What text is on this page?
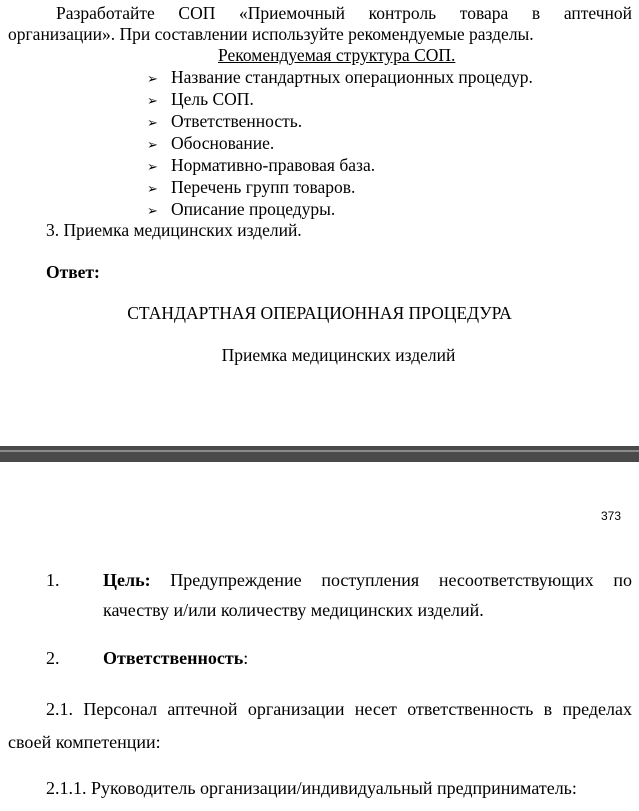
Разработайте СОП «Приемочный контроль товара в аптечной
организации». При составлении используйте рекомендуемые разделы.
Рекомендуемая структура СОП.
➢ Название стандартных операционных процедур.
➢ Цель СОП.
➢ Ответственность.
➢ Обоснование.
➢ Нормативно-правовая база.
➢ Перечень групп товаров.
➢ Описание процедуры.
3. Приемка медицинских изделий.
Ответ:
СТАНДАРТНАЯ ОПЕРАЦИОННАЯ ПРОЦЕДУРА
Приемка медицинских изделий
373
1. Цель: Предупреждение поступления несоответствующих по
качеству и/или количеству медицинских изделий.
2. Ответственность:
2.1. Персонал аптечной организации несет ответственность в пределах
своей компетенции:
2.1.1. Руководитель организации/индивидуальный предприниматель:
